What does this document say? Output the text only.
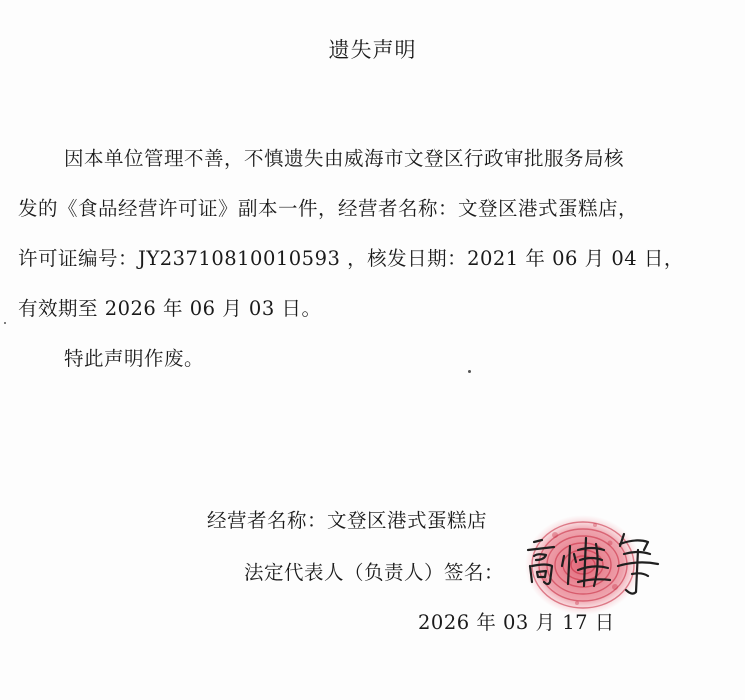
遗失声明

因本单位管理不善，不慎遗失由威海市文登区行政审批服务局核
发的《食品经营许可证》副本一件，经营者名称：文登区港式蛋糕店，
许可证编号：JY23710810010593 ，核发日期：2021 年 06 月 04 日，
有效期至 2026 年 06 月 03 日。

特此声明作废。

经营者名称：文登区港式蛋糕店
法定代表人（负责人）签名：
2026 年 03 月 17 日
